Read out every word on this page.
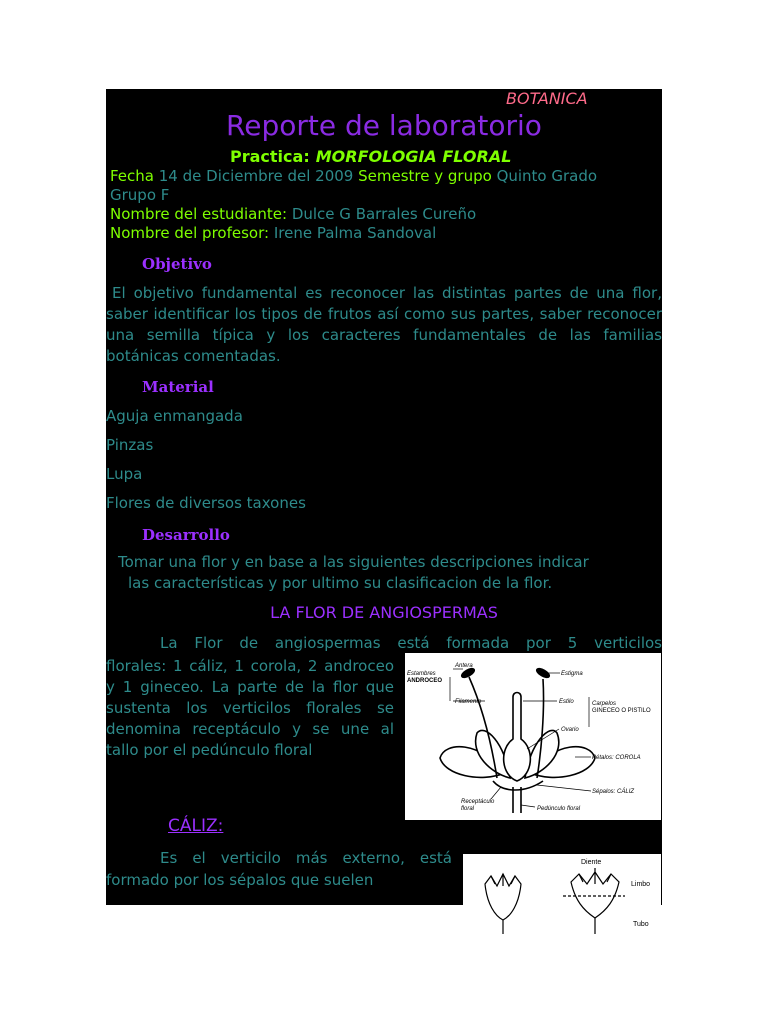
BOTANICA
Reporte de laboratorio
Practica: MORFOLOGIA FLORAL
Fecha 14 de Diciembre del 2009 Semestre y grupo Quinto Grado
Grupo F
Nombre del estudiante: Dulce G Barrales Cureño
Nombre del profesor: Irene Palma Sandoval
Objetivo
El objetivo fundamental es reconocer las distintas partes de una flor, saber identificar los tipos de frutos así como sus partes, saber reconocer una semilla típica y los caracteres fundamentales de las familias botánicas comentadas.
Material
Aguja enmangada
Pinzas
Lupa
Flores de diversos taxones
Desarrollo
Tomar una flor y en base a las siguientes descripciones indicar
las características y por ultimo su clasificacion de la flor.
LA FLOR DE ANGIOSPERMAS
La Flor de angiospermas está formada por 5 verticilos
florales: 1 cáliz, 1 corola, 2 androceo y 1 gineceo. La parte de la flor que sustenta los verticilos florales se denomina receptáculo y se une al tallo por el pedúnculo floral
CÁLIZ:
Es el verticilo más externo, está formado por los sépalos que suelen
Estambres
ANDROCEO
Antera
Filamento
Estigma
Estilo	Carpelos
GINECEO O PISTILO
Ovario
Pétalos: COROLA
Sépalos: CÁLIZ
Receptáculo
floral	Pedúnculo floral
Diente
Limbo
Tubo
